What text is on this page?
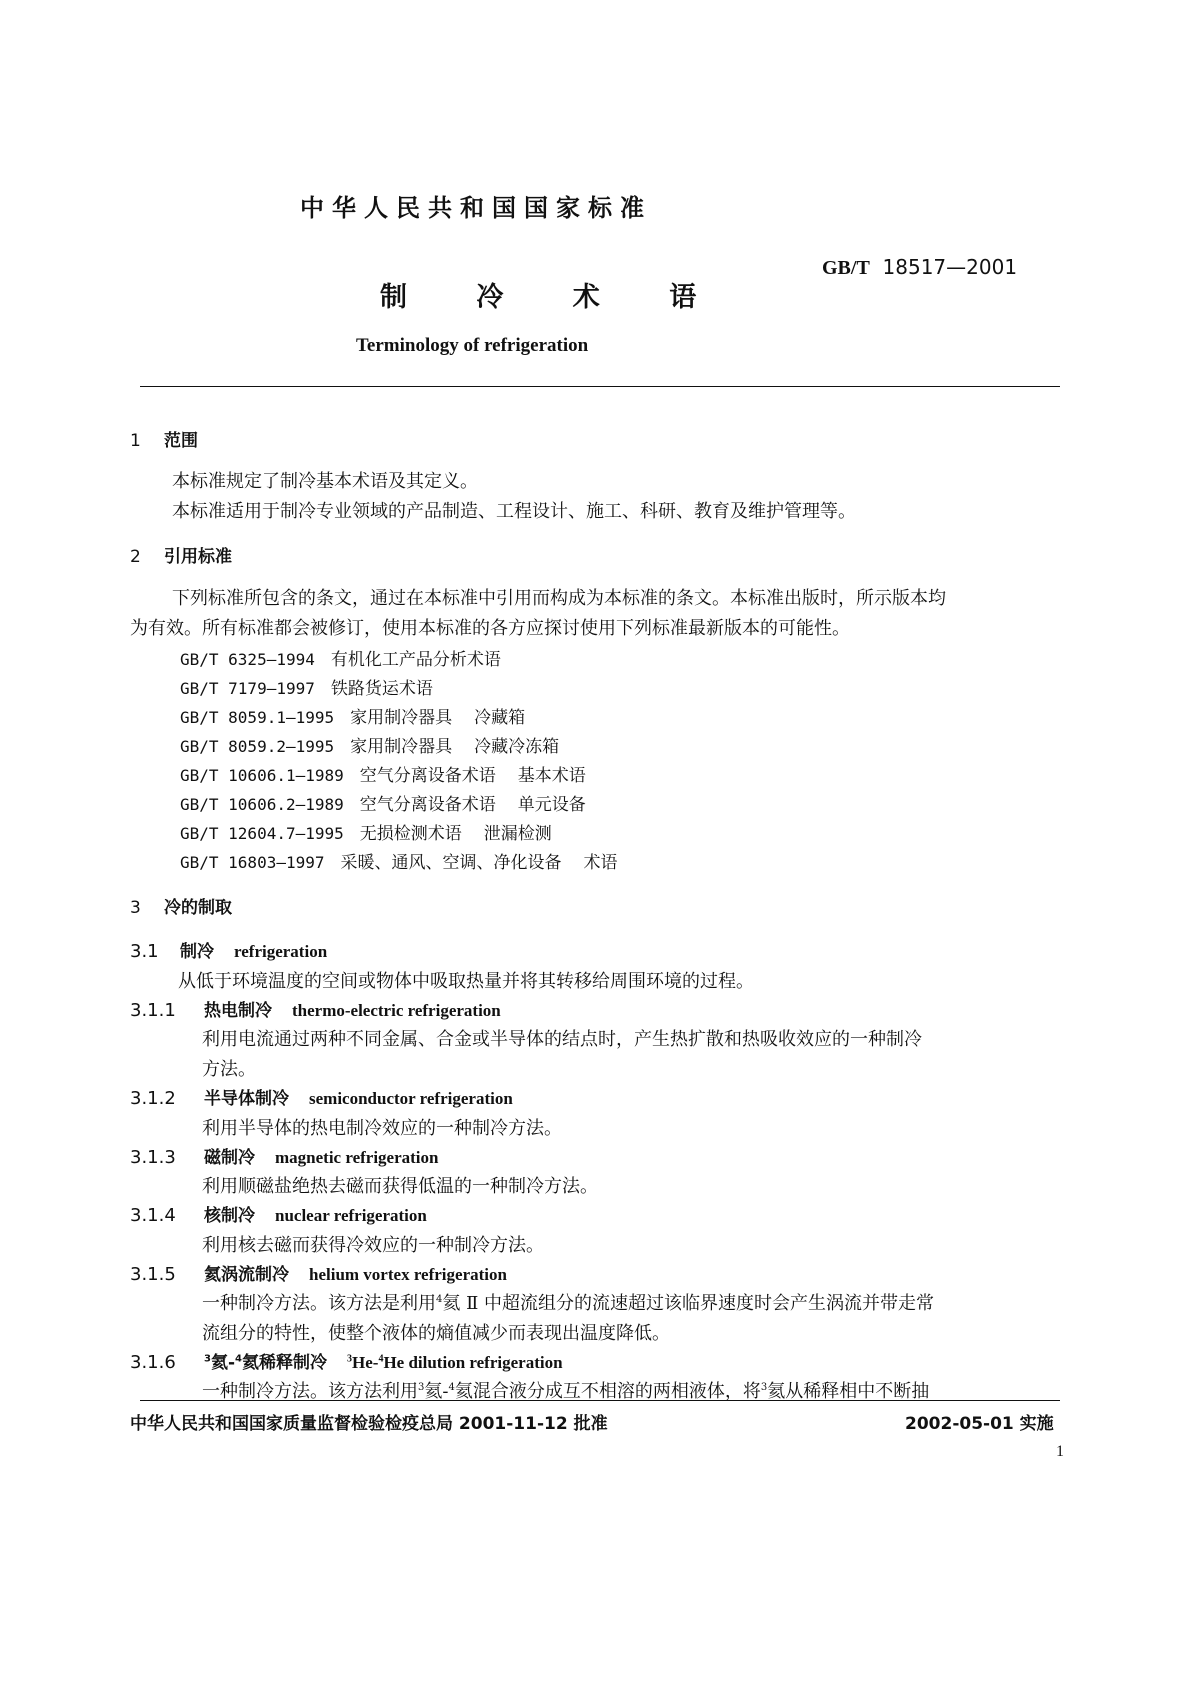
中华人民共和国国家标准
GB/T 18517—2001
制 冷 术 语
Terminology of refrigeration
1 范围
本标准规定了制冷基本术语及其定义。
本标准适用于制冷专业领域的产品制造、工程设计、施工、科研、教育及维护管理等。
2 引用标准
下列标准所包含的条文，通过在本标准中引用而构成为本标准的条文。本标准出版时，所示版本均
为有效。所有标准都会被修订，使用本标准的各方应探讨使用下列标准最新版本的可能性。
GB/T 6325—1994 有机化工产品分析术语
GB/T 7179—1997 铁路货运术语
GB/T 8059.1—1995 家用制冷器具 冷藏箱
GB/T 8059.2—1995 家用制冷器具 冷藏冷冻箱
GB/T 10606.1—1989 空气分离设备术语 基本术语
GB/T 10606.2—1989 空气分离设备术语 单元设备
GB/T 12604.7—1995 无损检测术语 泄漏检测
GB/T 16803—1997 采暖、通风、空调、净化设备 术语
3 冷的制取
3.1 制冷 refrigeration
从低于环境温度的空间或物体中吸取热量并将其转移给周围环境的过程。
3.1.1 热电制冷 thermo-electric refrigeration
利用电流通过两种不同金属、合金或半导体的结点时，产生热扩散和热吸收效应的一种制冷
方法。
3.1.2 半导体制冷 semiconductor refrigeration
利用半导体的热电制冷效应的一种制冷方法。
3.1.3 磁制冷 magnetic refrigeration
利用顺磁盐绝热去磁而获得低温的一种制冷方法。
3.1.4 核制冷 nuclear refrigeration
利用核去磁而获得冷效应的一种制冷方法。
3.1.5 氦涡流制冷 helium vortex refrigeration
一种制冷方法。该方法是利用$^4$氦 Ⅱ 中超流组分的流速超过该临界速度时会产生涡流并带走常
流组分的特性，使整个液体的熵值减少而表现出温度降低。
3.1.6	$^3$氦-$^4$氦稀释制冷 $^3$He-$^4$He dilution refrigeration
一种制冷方法。该方法利用$^3$氦-$^4$氦混合液分成互不相溶的两相液体，将$^3$氦从稀释相中不断抽
中华人民共和国国家质量监督检验检疫总局 2001-11-12 批准	2002-05-01 实施
1
